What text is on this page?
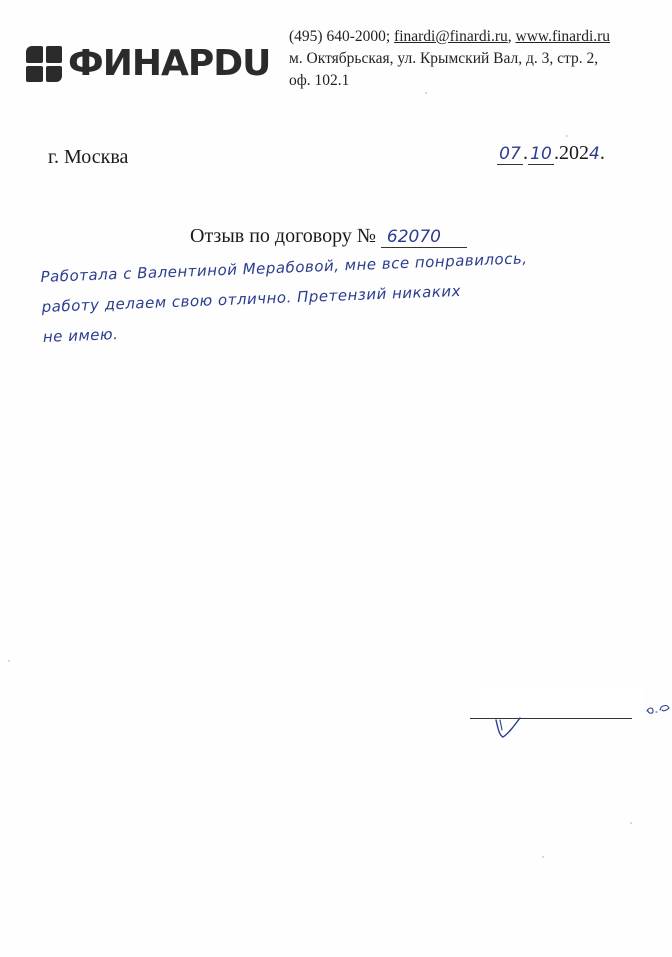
ФИНАРDU
(495) 640-2000; finardi@finardi.ru, www.finardi.ru
м. Октябрьская, ул. Крымский Вал, д. 3, стр. 2,
оф. 102.1
г. Москва	07 . 10 .2024.
Отзыв по договору № 62070
Работала с Валентиной Мерабовой, мне все понравилось,
работу делаем свою отлично. Претензий никаких
не имею.
